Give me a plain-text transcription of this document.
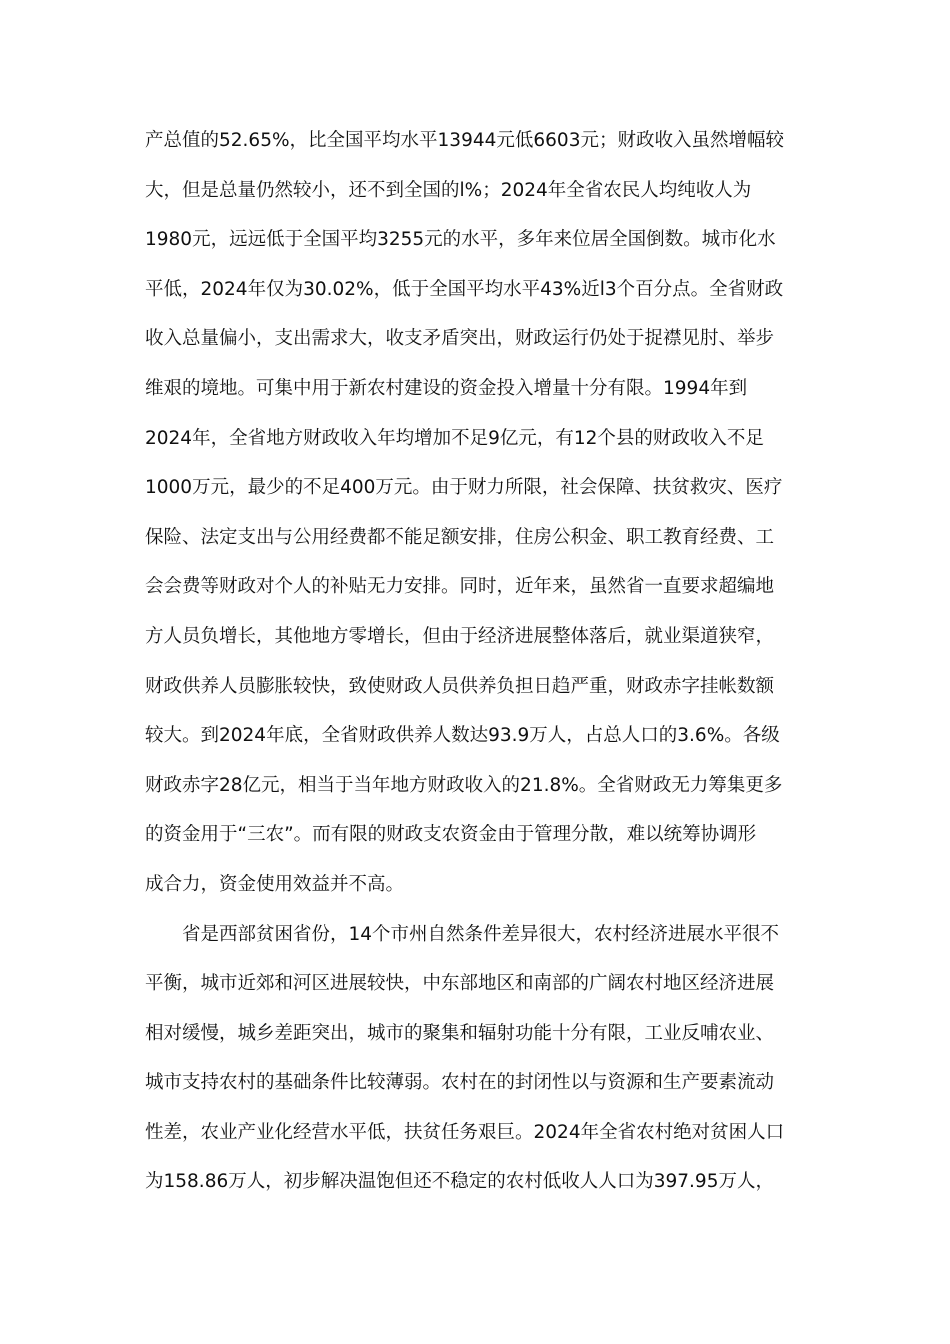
产总值的52.65%，比全国平均水平13944元低6603元；财政收入虽然增幅较
大，但是总量仍然较小，还不到全国的l%；2024年全省农民人均纯收人为
1980元，远远低于全国平均3255元的水平，多年来位居全国倒数。城市化水
平低，2024年仅为30.02%，低于全国平均水平43%近l3个百分点。全省财政
收入总量偏小，支出需求大，收支矛盾突出，财政运行仍处于捉襟见肘、举步
维艰的境地。可集中用于新农村建设的资金投入增量十分有限。1994年到
2024年，全省地方财政收入年均增加不足9亿元，有12个县的财政收入不足
1000万元，最少的不足400万元。由于财力所限，社会保障、扶贫救灾、医疗
保险、法定支出与公用经费都不能足额安排，住房公积金、职工教育经费、工
会会费等财政对个人的补贴无力安排。同时，近年来，虽然省一直要求超编地
方人员负增长，其他地方零增长，但由于经济进展整体落后，就业渠道狭窄，
财政供养人员膨胀较快，致使财政人员供养负担日趋严重，财政赤字挂帐数额
较大。到2024年底，全省财政供养人数达93.9万人，占总人口的3.6%。各级
财政赤字28亿元，相当于当年地方财政收入的21.8%。全省财政无力筹集更多
的资金用于“三农”。而有限的财政支农资金由于管理分散，难以统筹协调形
成合力，资金使用效益并不高。
　　省是西部贫困省份，14个市州自然条件差异很大，农村经济进展水平很不
平衡，城市近郊和河区进展较快，中东部地区和南部的广阔农村地区经济进展
相对缓慢，城乡差距突出，城市的聚集和辐射功能十分有限，工业反哺农业、
城市支持农村的基础条件比较薄弱。农村在的封闭性以与资源和生产要素流动
性差，农业产业化经营水平低，扶贫任务艰巨。2024年全省农村绝对贫困人口
为158.86万人，初步解决温饱但还不稳定的农村低收人人口为397.95万人，
